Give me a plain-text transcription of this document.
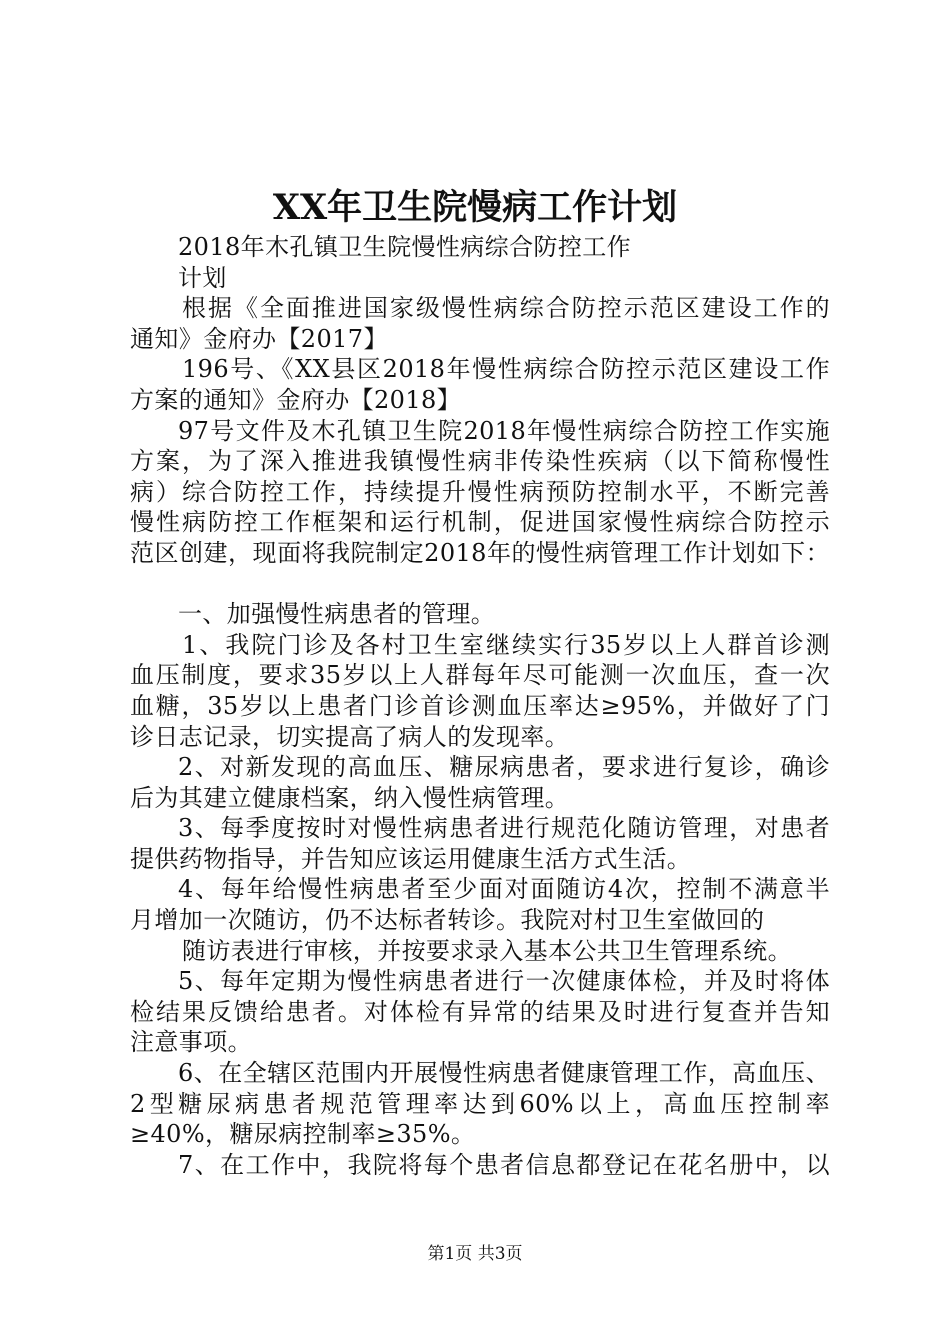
XX年卫生院慢病工作计划
2018年木孔镇卫生院慢性病综合防控工作
计划
根据《全面推进国家级慢性病综合防控示范区建设工作的
通知》金府办【2017】
196号、《XX县区2018年慢性病综合防控示范区建设工作
方案的通知》金府办【2018】
97号文件及木孔镇卫生院2018年慢性病综合防控工作实施
方案，为了深入推进我镇慢性病非传染性疾病（以下简称慢性
病）综合防控工作，持续提升慢性病预防控制水平，不断完善
慢性病防控工作框架和运行机制，促进国家慢性病综合防控示
范区创建，现面将我院制定2018年的慢性病管理工作计划如下：
一、加强慢性病患者的管理。
1、我院门诊及各村卫生室继续实行35岁以上人群首诊测
血压制度，要求35岁以上人群每年尽可能测一次血压，查一次
血糖，35岁以上患者门诊首诊测血压率达≥95%，并做好了门
诊日志记录，切实提高了病人的发现率。
2、对新发现的高血压、糖尿病患者，要求进行复诊，确诊
后为其建立健康档案，纳入慢性病管理。
3、每季度按时对慢性病患者进行规范化随访管理，对患者
提供药物指导，并告知应该运用健康生活方式生活。
4、每年给慢性病患者至少面对面随访4次，控制不满意半
月增加一次随访，仍不达标者转诊。我院对村卫生室做回的
随访表进行审核，并按要求录入基本公共卫生管理系统。
5、每年定期为慢性病患者进行一次健康体检，并及时将体
检结果反馈给患者。对体检有异常的结果及时进行复查并告知
注意事项。
6、在全辖区范围内开展慢性病患者健康管理工作，高血压、
2型糖尿病患者规范管理率达到60%以上，高血压控制率
≥40%，糖尿病控制率≥35%。
7、在工作中，我院将每个患者信息都登记在花名册中，以
第1页 共3页
